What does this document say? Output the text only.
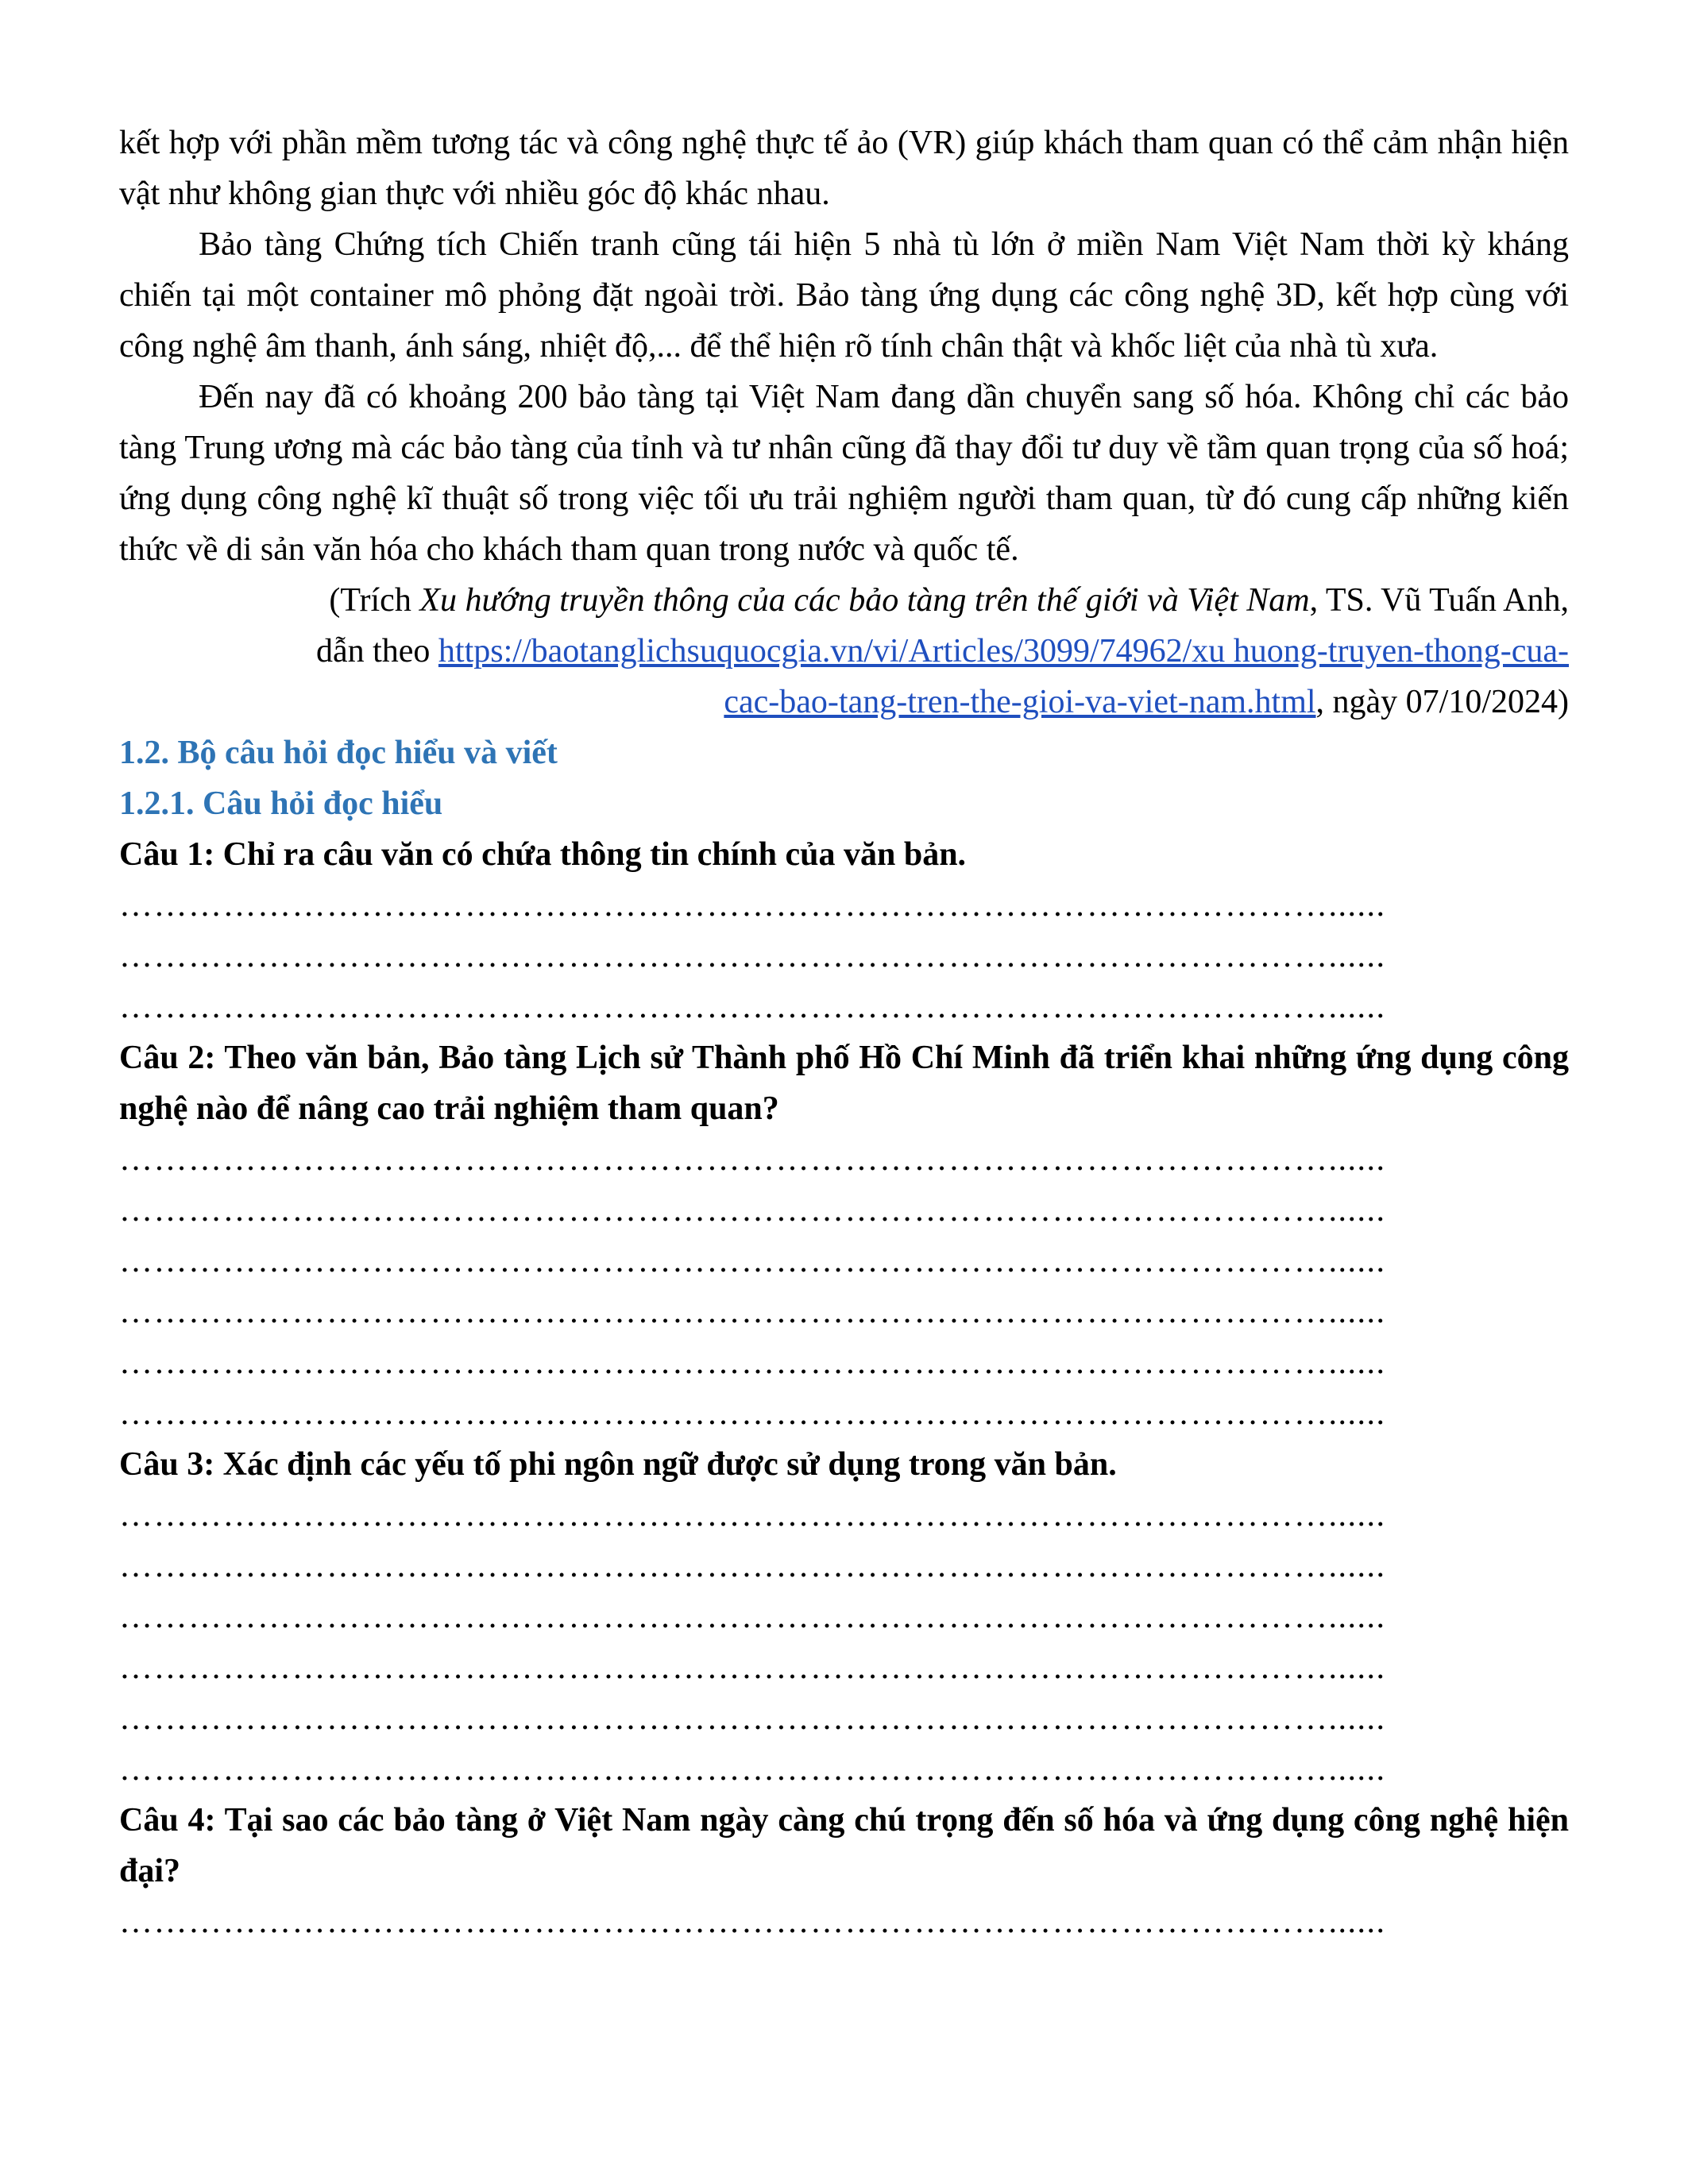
kết hợp với phần mềm tương tác và công nghệ thực tế ảo (VR) giúp khách tham quan có thể cảm nhận hiện vật như không gian thực với nhiều góc độ khác nhau.

Bảo tàng Chứng tích Chiến tranh cũng tái hiện 5 nhà tù lớn ở miền Nam Việt Nam thời kỳ kháng chiến tại một container mô phỏng đặt ngoài trời. Bảo tàng ứng dụng các công nghệ 3D, kết hợp cùng với công nghệ âm thanh, ánh sáng, nhiệt độ,... để thể hiện rõ tính chân thật và khốc liệt của nhà tù xưa.

Đến nay đã có khoảng 200 bảo tàng tại Việt Nam đang dần chuyển sang số hóa. Không chỉ các bảo tàng Trung ương mà các bảo tàng của tỉnh và tư nhân cũng đã thay đổi tư duy về tầm quan trọng của số hoá; ứng dụng công nghệ kĩ thuật số trong việc tối ưu trải nghiệm người tham quan, từ đó cung cấp những kiến thức về di sản văn hóa cho khách tham quan trong nước và quốc tế.

(Trích Xu hướng truyền thông của các bảo tàng trên thế giới và Việt Nam, TS. Vũ Tuấn Anh,
dẫn theo https://baotanglichsuquocgia.vn/vi/Articles/3099/74962/xu huong-truyen-thong-cua-
cac-bao-tang-tren-the-gioi-va-viet-nam.html, ngày 07/10/2024)
1.2. Bộ câu hỏi đọc hiểu và viết
1.2.1. Câu hỏi đọc hiểu
Câu 1: Chỉ ra câu văn có chứa thông tin chính của văn bản.
……………………………………………………………………………………………......
……………………………………………………………………………………………......
……………………………………………………………………………………………......
Câu 2: Theo văn bản, Bảo tàng Lịch sử Thành phố Hồ Chí Minh đã triển khai những ứng dụng công nghệ nào để nâng cao trải nghiệm tham quan?
……………………………………………………………………………………………......
……………………………………………………………………………………………......
……………………………………………………………………………………………......
……………………………………………………………………………………………......
……………………………………………………………………………………………......
……………………………………………………………………………………………......
Câu 3: Xác định các yếu tố phi ngôn ngữ được sử dụng trong văn bản.
……………………………………………………………………………………………......
……………………………………………………………………………………………......
……………………………………………………………………………………………......
……………………………………………………………………………………………......
……………………………………………………………………………………………......
……………………………………………………………………………………………......
Câu 4: Tại sao các bảo tàng ở Việt Nam ngày càng chú trọng đến số hóa và ứng dụng công nghệ hiện đại?
……………………………………………………………………………………………......
